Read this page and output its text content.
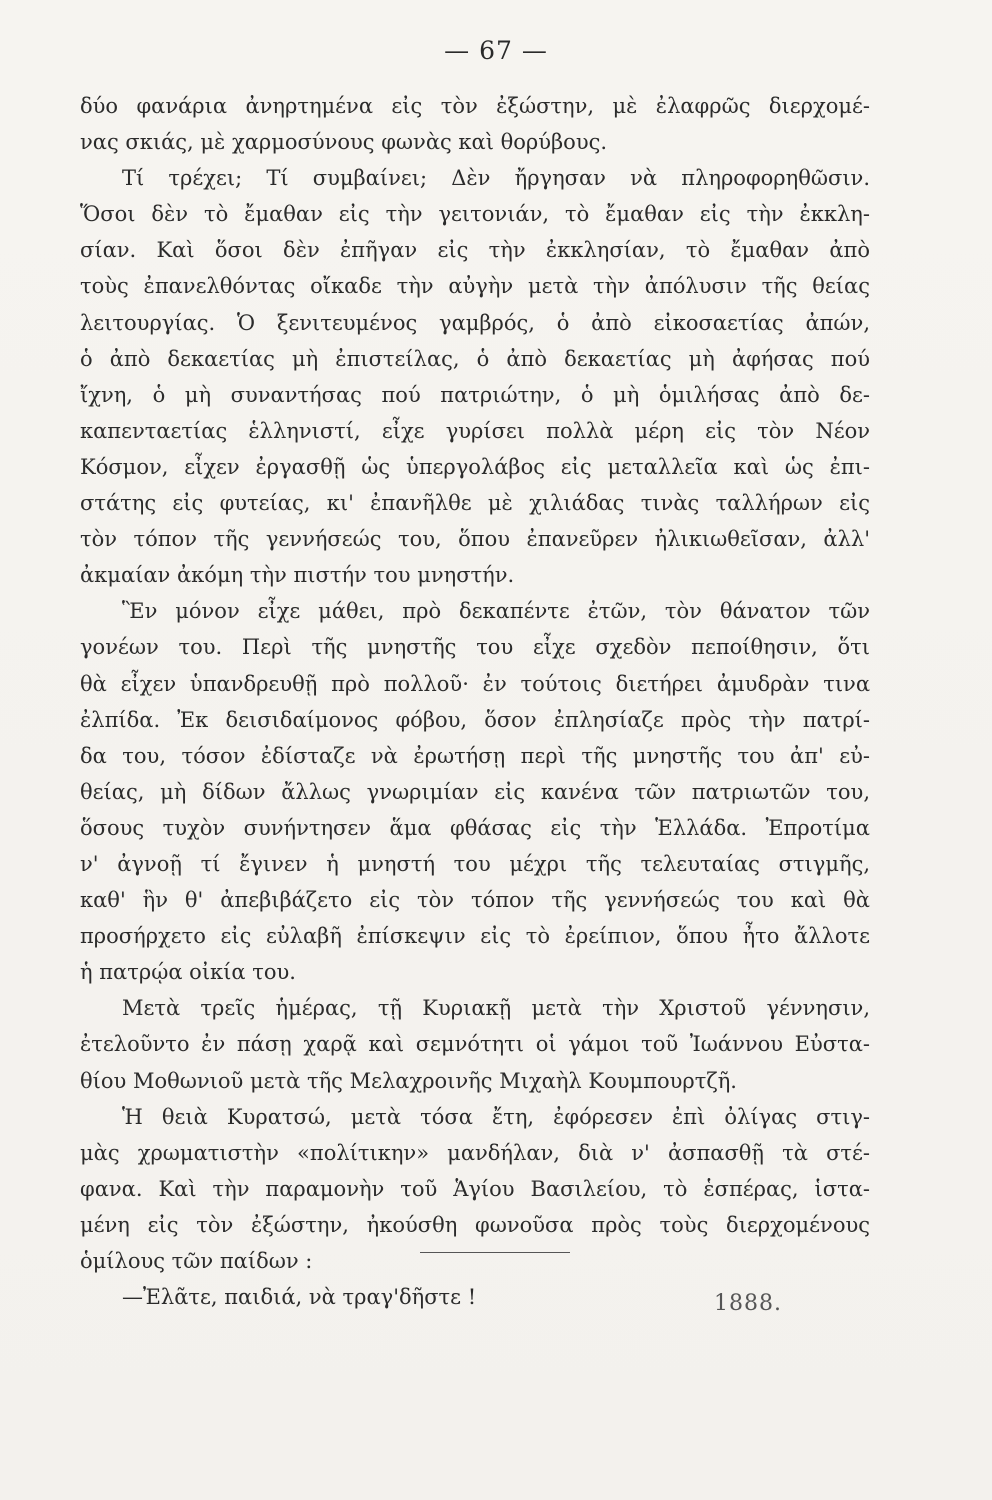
— 67 —
δύο φανάρια ἀνηρτημένα εἰς τὸν ἐξώστην, μὲ ἐλαφρῶς διερχομέ-
νας σκιάς, μὲ χαρμοσύνους φωνὰς καὶ θορύβους.
Τί τρέχει; Τί συμβαίνει; Δὲν ἤργησαν νὰ πληροφορηθῶσιν.
Ὅσοι δὲν τὸ ἔμαθαν εἰς τὴν γειτονιάν, τὸ ἔμαθαν εἰς τὴν ἐκκλη-
σίαν. Καὶ ὅσοι δὲν ἐπῆγαν εἰς τὴν ἐκκλησίαν, τὸ ἔμαθαν ἀπὸ
τοὺς ἐπανελθόντας οἴκαδε τὴν αὐγὴν μετὰ τὴν ἀπόλυσιν τῆς θείας
λειτουργίας. Ὁ ξενιτευμένος γαμβρός, ὁ ἀπὸ εἰκοσαετίας ἀπών,
ὁ ἀπὸ δεκαετίας μὴ ἐπιστείλας, ὁ ἀπὸ δεκαετίας μὴ ἀφήσας πού
ἴχνη, ὁ μὴ συναντήσας πού πατριώτην, ὁ μὴ ὁμιλήσας ἀπὸ δε-
καπενταετίας ἑλληνιστί, εἶχε γυρίσει πολλὰ μέρη εἰς τὸν Νέον
Κόσμον, εἶχεν ἐργασθῇ ὡς ὑπεργολάβος εἰς μεταλλεῖα καὶ ὡς ἐπι-
στάτης εἰς φυτείας, κι' ἐπανῆλθε μὲ χιλιάδας τινὰς ταλλήρων εἰς
τὸν τόπον τῆς γεννήσεώς του, ὅπου ἐπανεῦρεν ἠλικιωθεῖσαν, ἀλλ'
ἀκμαίαν ἀκόμη τὴν πιστήν του μνηστήν.
Ἓν μόνον εἶχε μάθει, πρὸ δεκαπέντε ἐτῶν, τὸν θάνατον τῶν
γονέων του. Περὶ τῆς μνηστῆς του εἶχε σχεδὸν πεποίθησιν, ὅτι
θὰ εἶχεν ὑπανδρευθῇ πρὸ πολλοῦ· ἐν τούτοις διετήρει ἀμυδρὰν τινα
ἐλπίδα. Ἐκ δεισιδαίμονος φόβου, ὅσον ἐπλησίαζε πρὸς τὴν πατρί-
δα του, τόσον ἐδίσταζε νὰ ἐρωτήσῃ περὶ τῆς μνηστῆς του ἀπ' εὐ-
θείας, μὴ δίδων ἄλλως γνωριμίαν εἰς κανένα τῶν πατριωτῶν του,
ὅσους τυχὸν συνήντησεν ἅμα φθάσας εἰς τὴν Ἑλλάδα. Ἐπροτίμα
ν' ἀγνοῇ τί ἔγινεν ἡ μνηστή του μέχρι τῆς τελευταίας στιγμῆς,
καθ' ἣν θ' ἀπεβιβάζετο εἰς τὸν τόπον τῆς γεννήσεώς του καὶ θὰ
προσήρχετο εἰς εὐλαβῆ ἐπίσκεψιν εἰς τὸ ἐρείπιον, ὅπου ἦτο ἄλλοτε
ἡ πατρῴα οἰκία του.
Μετὰ τρεῖς ἡμέρας, τῇ Κυριακῇ μετὰ τὴν Χριστοῦ γέννησιν,
ἐτελοῦντο ἐν πάσῃ χαρᾷ καὶ σεμνότητι οἱ γάμοι τοῦ Ἰωάννου Εὐστα-
θίου Μοθωνιοῦ μετὰ τῆς Μελαχροινῆς Μιχαὴλ Κουμπουρτζῆ.
Ἡ θειὰ Κυρατσώ, μετὰ τόσα ἔτη, ἐφόρεσεν ἐπὶ ὀλίγας στιγ-
μὰς χρωματιστὴν «πολίτικην» μανδήλαν, διὰ ν' ἀσπασθῇ τὰ στέ-
φανα. Καὶ τὴν παραμονὴν τοῦ Ἁγίου Βασιλείου, τὸ ἑσπέρας, ἱστα-
μένη εἰς τὸν ἐξώστην, ἠκούσθη φωνοῦσα πρὸς τοὺς διερχομένους
ὁμίλους τῶν παίδων :
—Ἐλᾶτε, παιδιά, νὰ τραγ'δῆστε !	1888.
